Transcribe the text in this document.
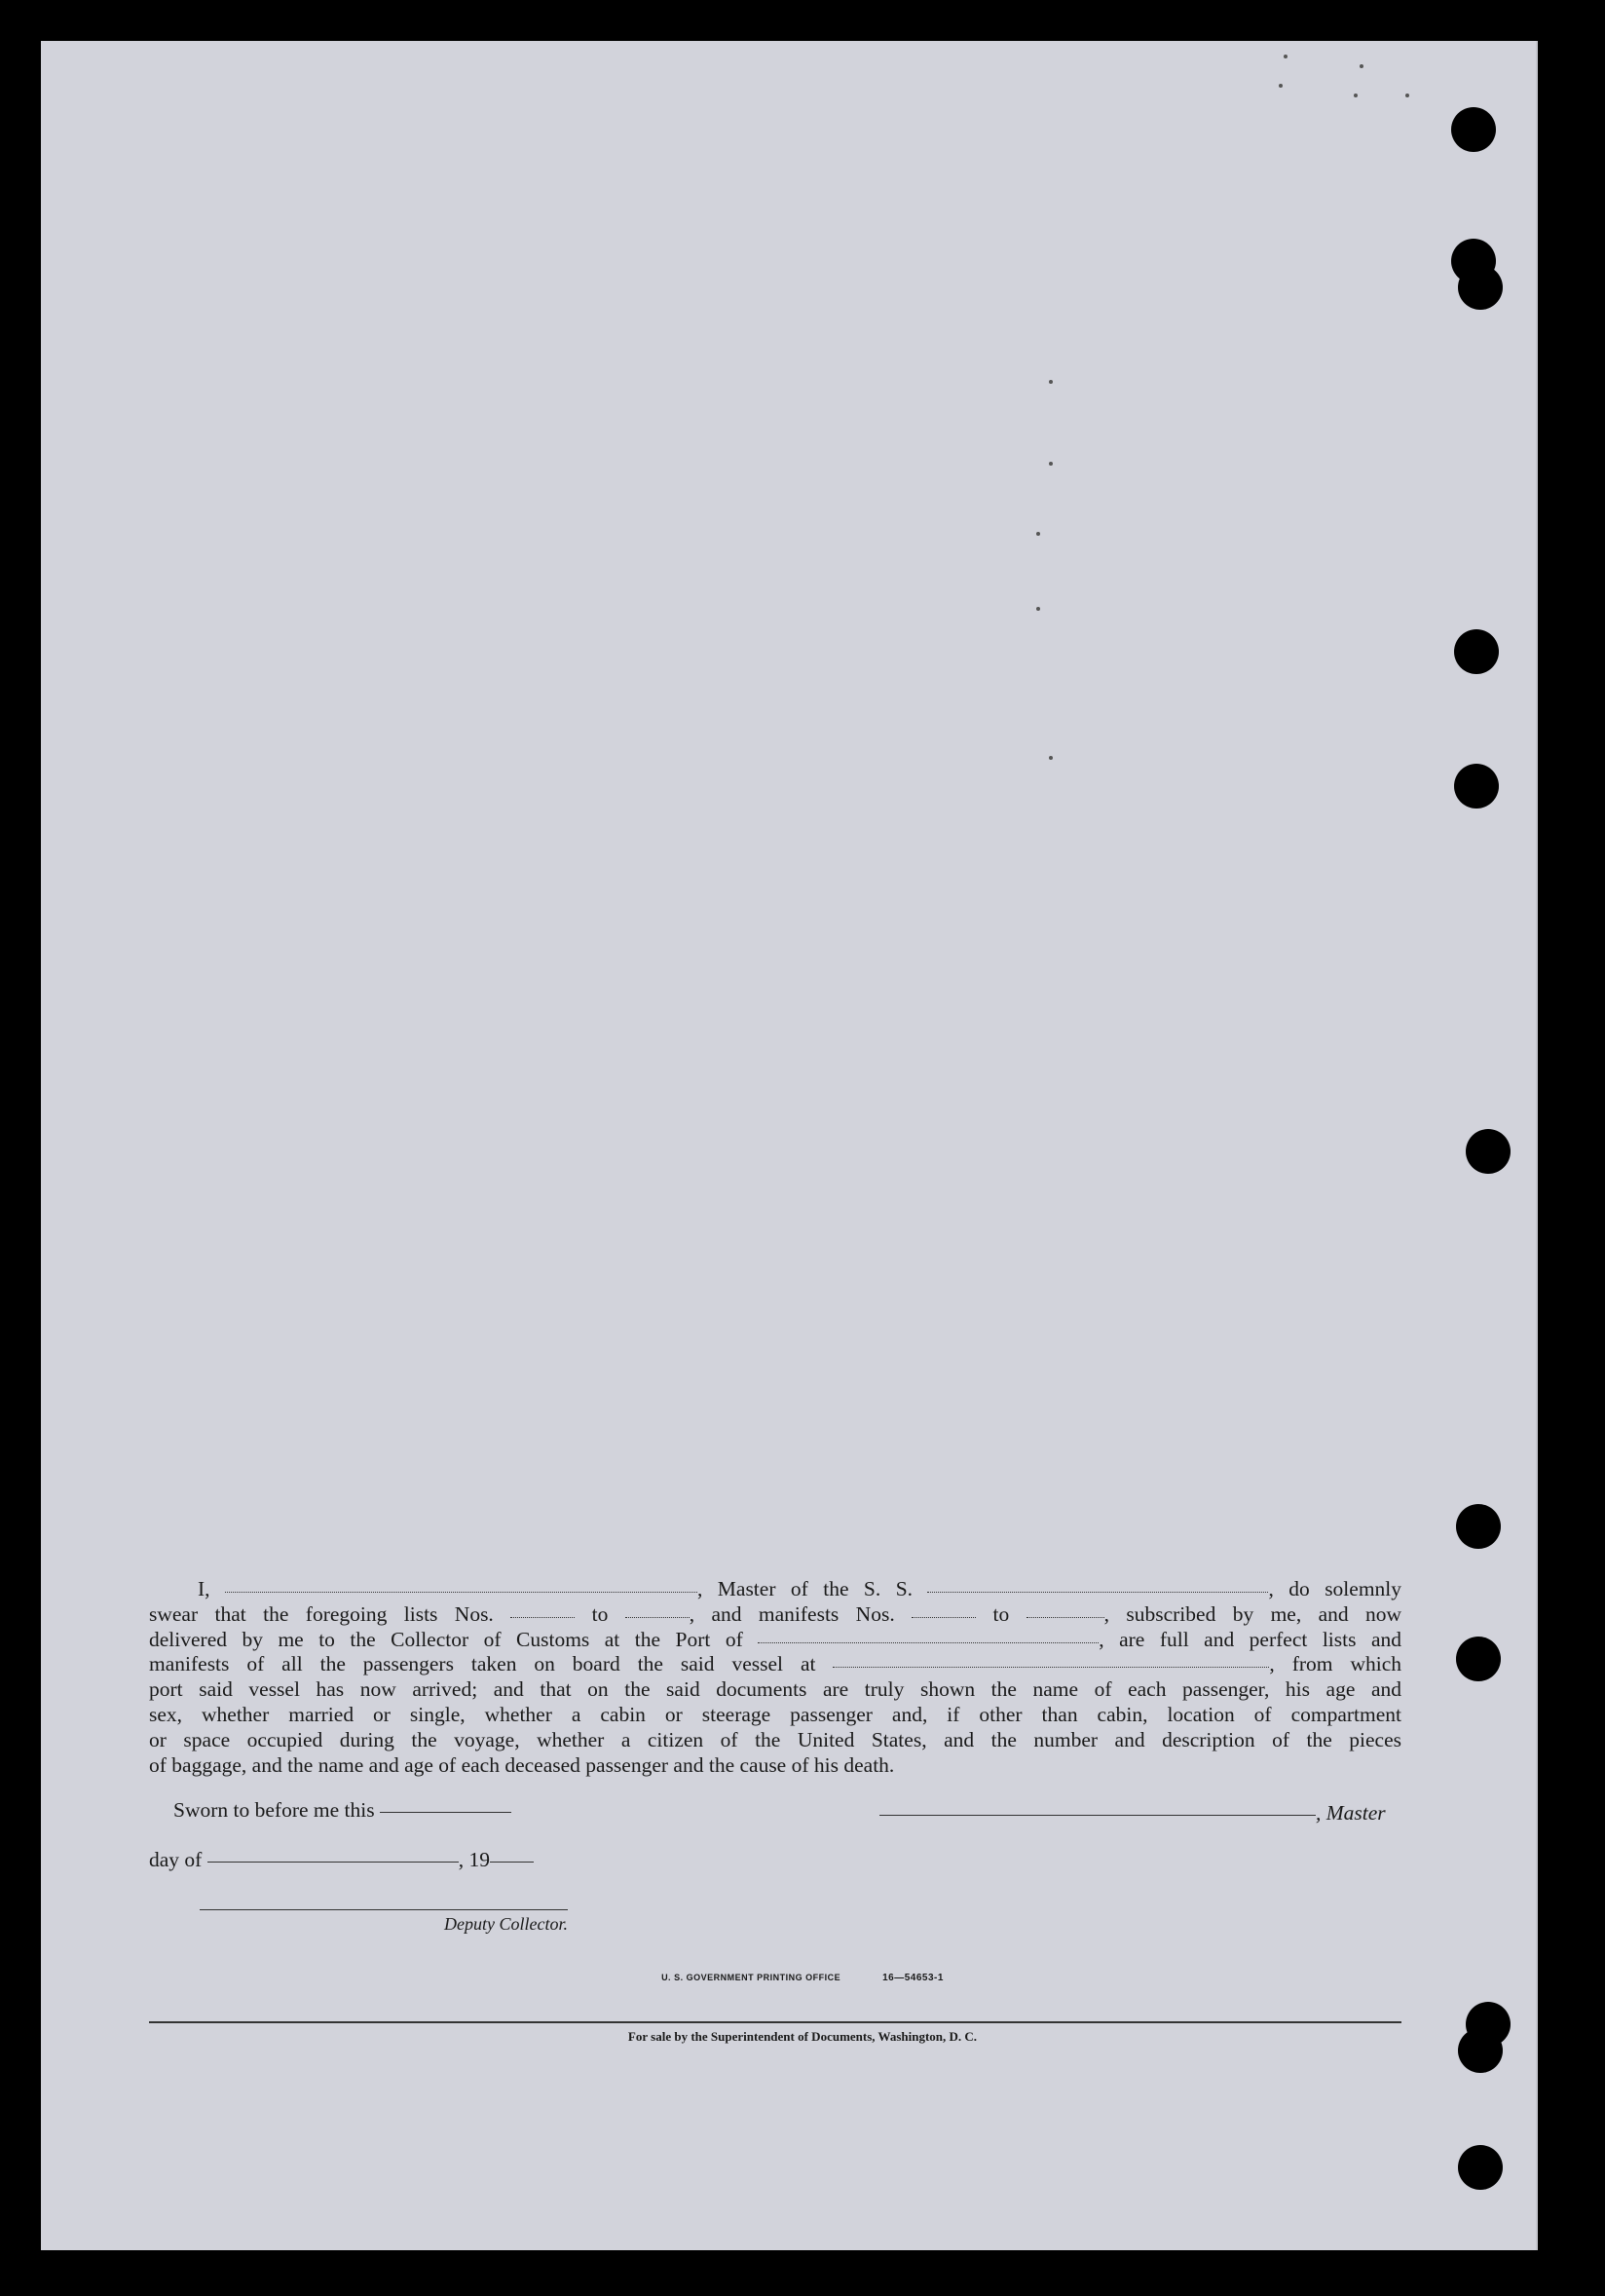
I,	, Master of the S. S.	, do solemnly
swear that the foregoing lists Nos.	to	, and manifests Nos.	to	, subscribed by me, and now
delivered by me to the Collector of Customs at the Port of	, are full and perfect lists and
manifests of all the passengers taken on board the said vessel at	, from which
port said vessel has now arrived; and that on the said documents are truly shown the name of each passenger, his age and
sex, whether married or single, whether a cabin or steerage passenger and, if other than cabin, location of compartment
or space occupied during the voyage, whether a citizen of the United States, and the number and description of the pieces
of baggage, and the name and age of each deceased passenger and the cause of his death.
Sworn to before me this	, Master
day of	, 19
Deputy Collector.
U. S. GOVERNMENT PRINTING OFFICE	16—54653-1
For sale by the Superintendent of Documents, Washington, D. C.
